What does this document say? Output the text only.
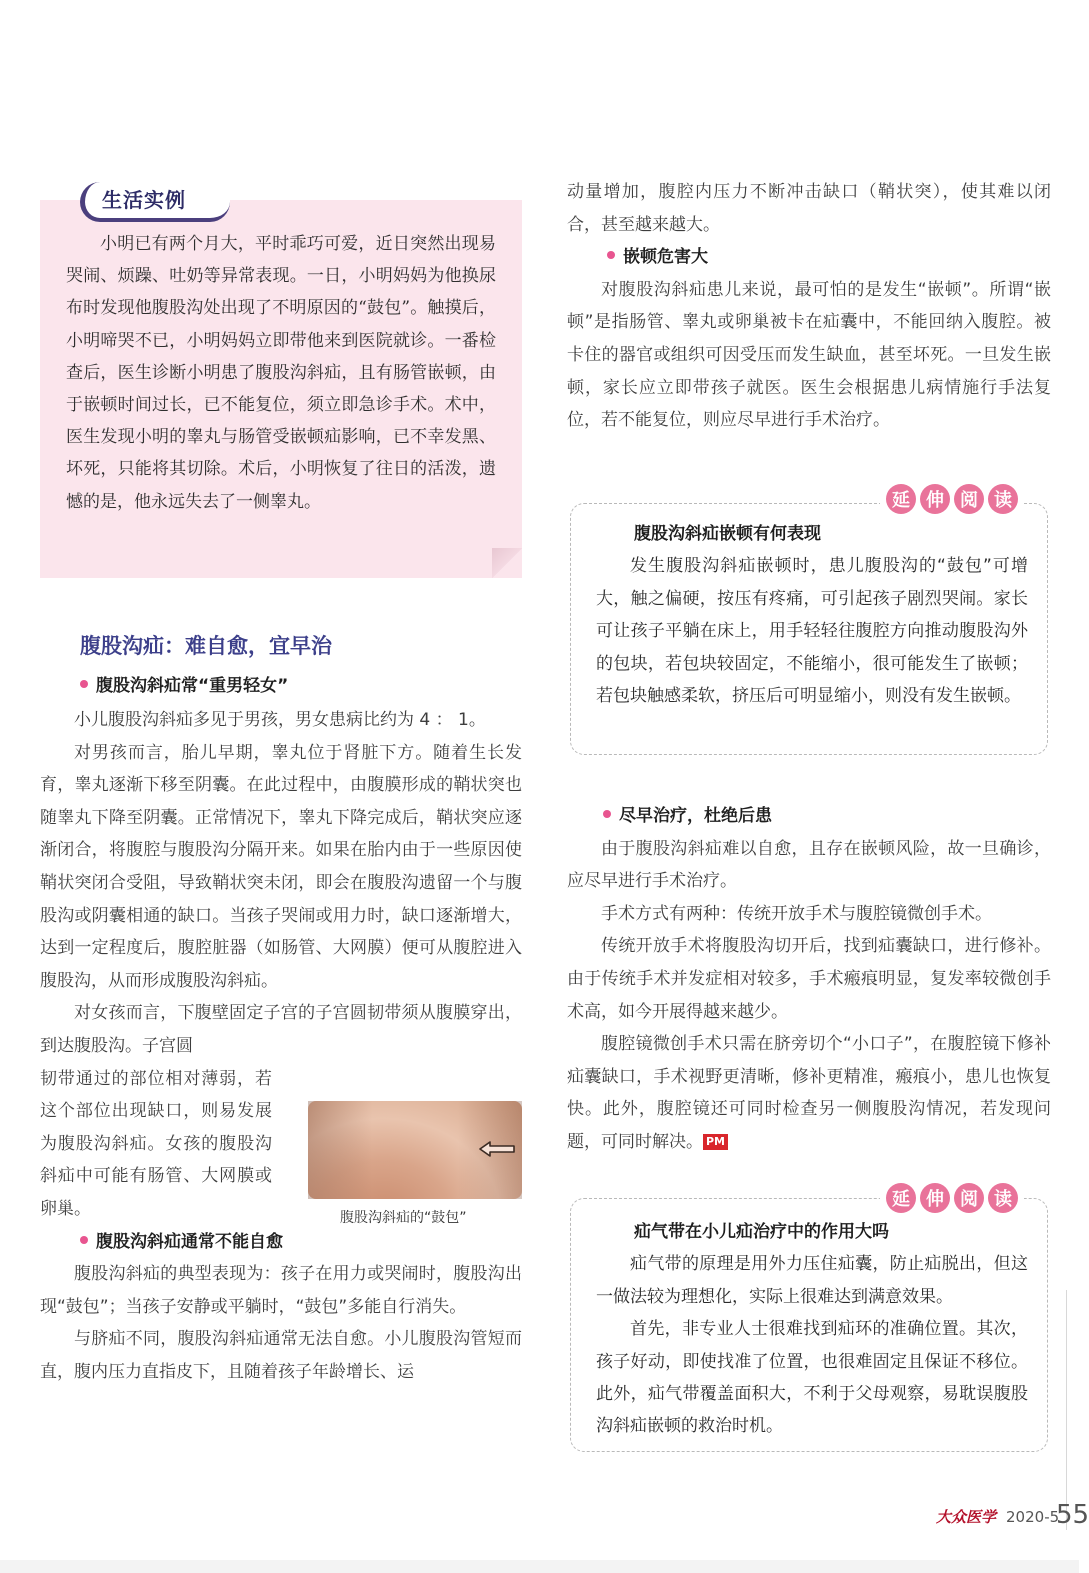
生活实例

小明已有两个月大，平时乖巧可爱，近日突然出现易哭闹、烦躁、吐奶等异常表现。一日，小明妈妈为他换尿布时发现他腹股沟处出现了不明原因的“鼓包”。触摸后，小明啼哭不已，小明妈妈立即带他来到医院就诊。一番检查后，医生诊断小明患了腹股沟斜疝，且有肠管嵌顿，由于嵌顿时间过长，已不能复位，须立即急诊手术。术中，医生发现小明的睾丸与肠管受嵌顿疝影响，已不幸发黑、坏死，只能将其切除。术后，小明恢复了往日的活泼，遗憾的是，他永远失去了一侧睾丸。

腹股沟疝：难自愈，宜早治

腹股沟斜疝常“重男轻女”

小儿腹股沟斜疝多见于男孩，男女患病比约为 4 ： 1。

对男孩而言，胎儿早期，睾丸位于肾脏下方。随着生长发育，睾丸逐渐下移至阴囊。在此过程中，由腹膜形成的鞘状突也随睾丸下降至阴囊。正常情况下，睾丸下降完成后，鞘状突应逐渐闭合，将腹腔与腹股沟分隔开来。如果在胎内由于一些原因使鞘状突闭合受阻，导致鞘状突未闭，即会在腹股沟遗留一个与腹股沟或阴囊相通的缺口。当孩子哭闹或用力时，缺口逐渐增大，达到一定程度后，腹腔脏器（如肠管、大网膜）便可从腹腔进入腹股沟，从而形成腹股沟斜疝。

对女孩而言，下腹壁固定子宫的子宫圆韧带须从腹膜穿出，到达腹股沟。子宫圆

韧带通过的部位相对薄弱，若这个部位出现缺口，则易发展为腹股沟斜疝。女孩的腹股沟斜疝中可能有肠管、大网膜或卵巢。

腹股沟斜疝通常不能自愈

腹股沟斜疝的典型表现为：孩子在用力或哭闹时，腹股沟出现“鼓包”；当孩子安静或平躺时，“鼓包”多能自行消失。

与脐疝不同，腹股沟斜疝通常无法自愈。小儿腹股沟管短而直，腹内压力直指皮下，且随着孩子年龄增长、运

腹股沟斜疝的“鼓包”

动量增加，腹腔内压力不断冲击缺口（鞘状突），使其难以闭合，甚至越来越大。

嵌顿危害大

对腹股沟斜疝患儿来说，最可怕的是发生“嵌顿”。所谓“嵌顿”是指肠管、睾丸或卵巢被卡在疝囊中，不能回纳入腹腔。被卡住的器官或组织可因受压而发生缺血，甚至坏死。一旦发生嵌顿，家长应立即带孩子就医。医生会根据患儿病情施行手法复位，若不能复位，则应尽早进行手术治疗。

尽早治疗，杜绝后患

由于腹股沟斜疝难以自愈，且存在嵌顿风险，故一旦确诊，应尽早进行手术治疗。

手术方式有两种：传统开放手术与腹腔镜微创手术。

传统开放手术将腹股沟切开后，找到疝囊缺口，进行修补。由于传统手术并发症相对较多，手术瘢痕明显，复发率较微创手术高，如今开展得越来越少。

腹腔镜微创手术只需在脐旁切个“小口子”，在腹腔镜下修补疝囊缺口，手术视野更清晰，修补更精准，瘢痕小，患儿也恢复快。此外，腹腔镜还可同时检查另一侧腹股沟情况，若发现问题，可同时解决。 PM

延 伸 阅 读
腹股沟斜疝嵌顿有何表现

发生腹股沟斜疝嵌顿时，患儿腹股沟的“鼓包”可增大，触之偏硬，按压有疼痛，可引起孩子剧烈哭闹。家长可让孩子平躺在床上，用手轻轻往腹腔方向推动腹股沟外的包块，若包块较固定，不能缩小，很可能发生了嵌顿；若包块触感柔软，挤压后可明显缩小，则没有发生嵌顿。

延 伸 阅 读
疝气带在小儿疝治疗中的作用大吗

疝气带的原理是用外力压住疝囊，防止疝脱出，但这一做法较为理想化，实际上很难达到满意效果。

首先，非专业人士很难找到疝环的准确位置。其次，孩子好动，即使找准了位置，也很难固定且保证不移位。此外，疝气带覆盖面积大，不利于父母观察，易耽误腹股沟斜疝嵌顿的救治时机。

大众医学 2020-5
55
